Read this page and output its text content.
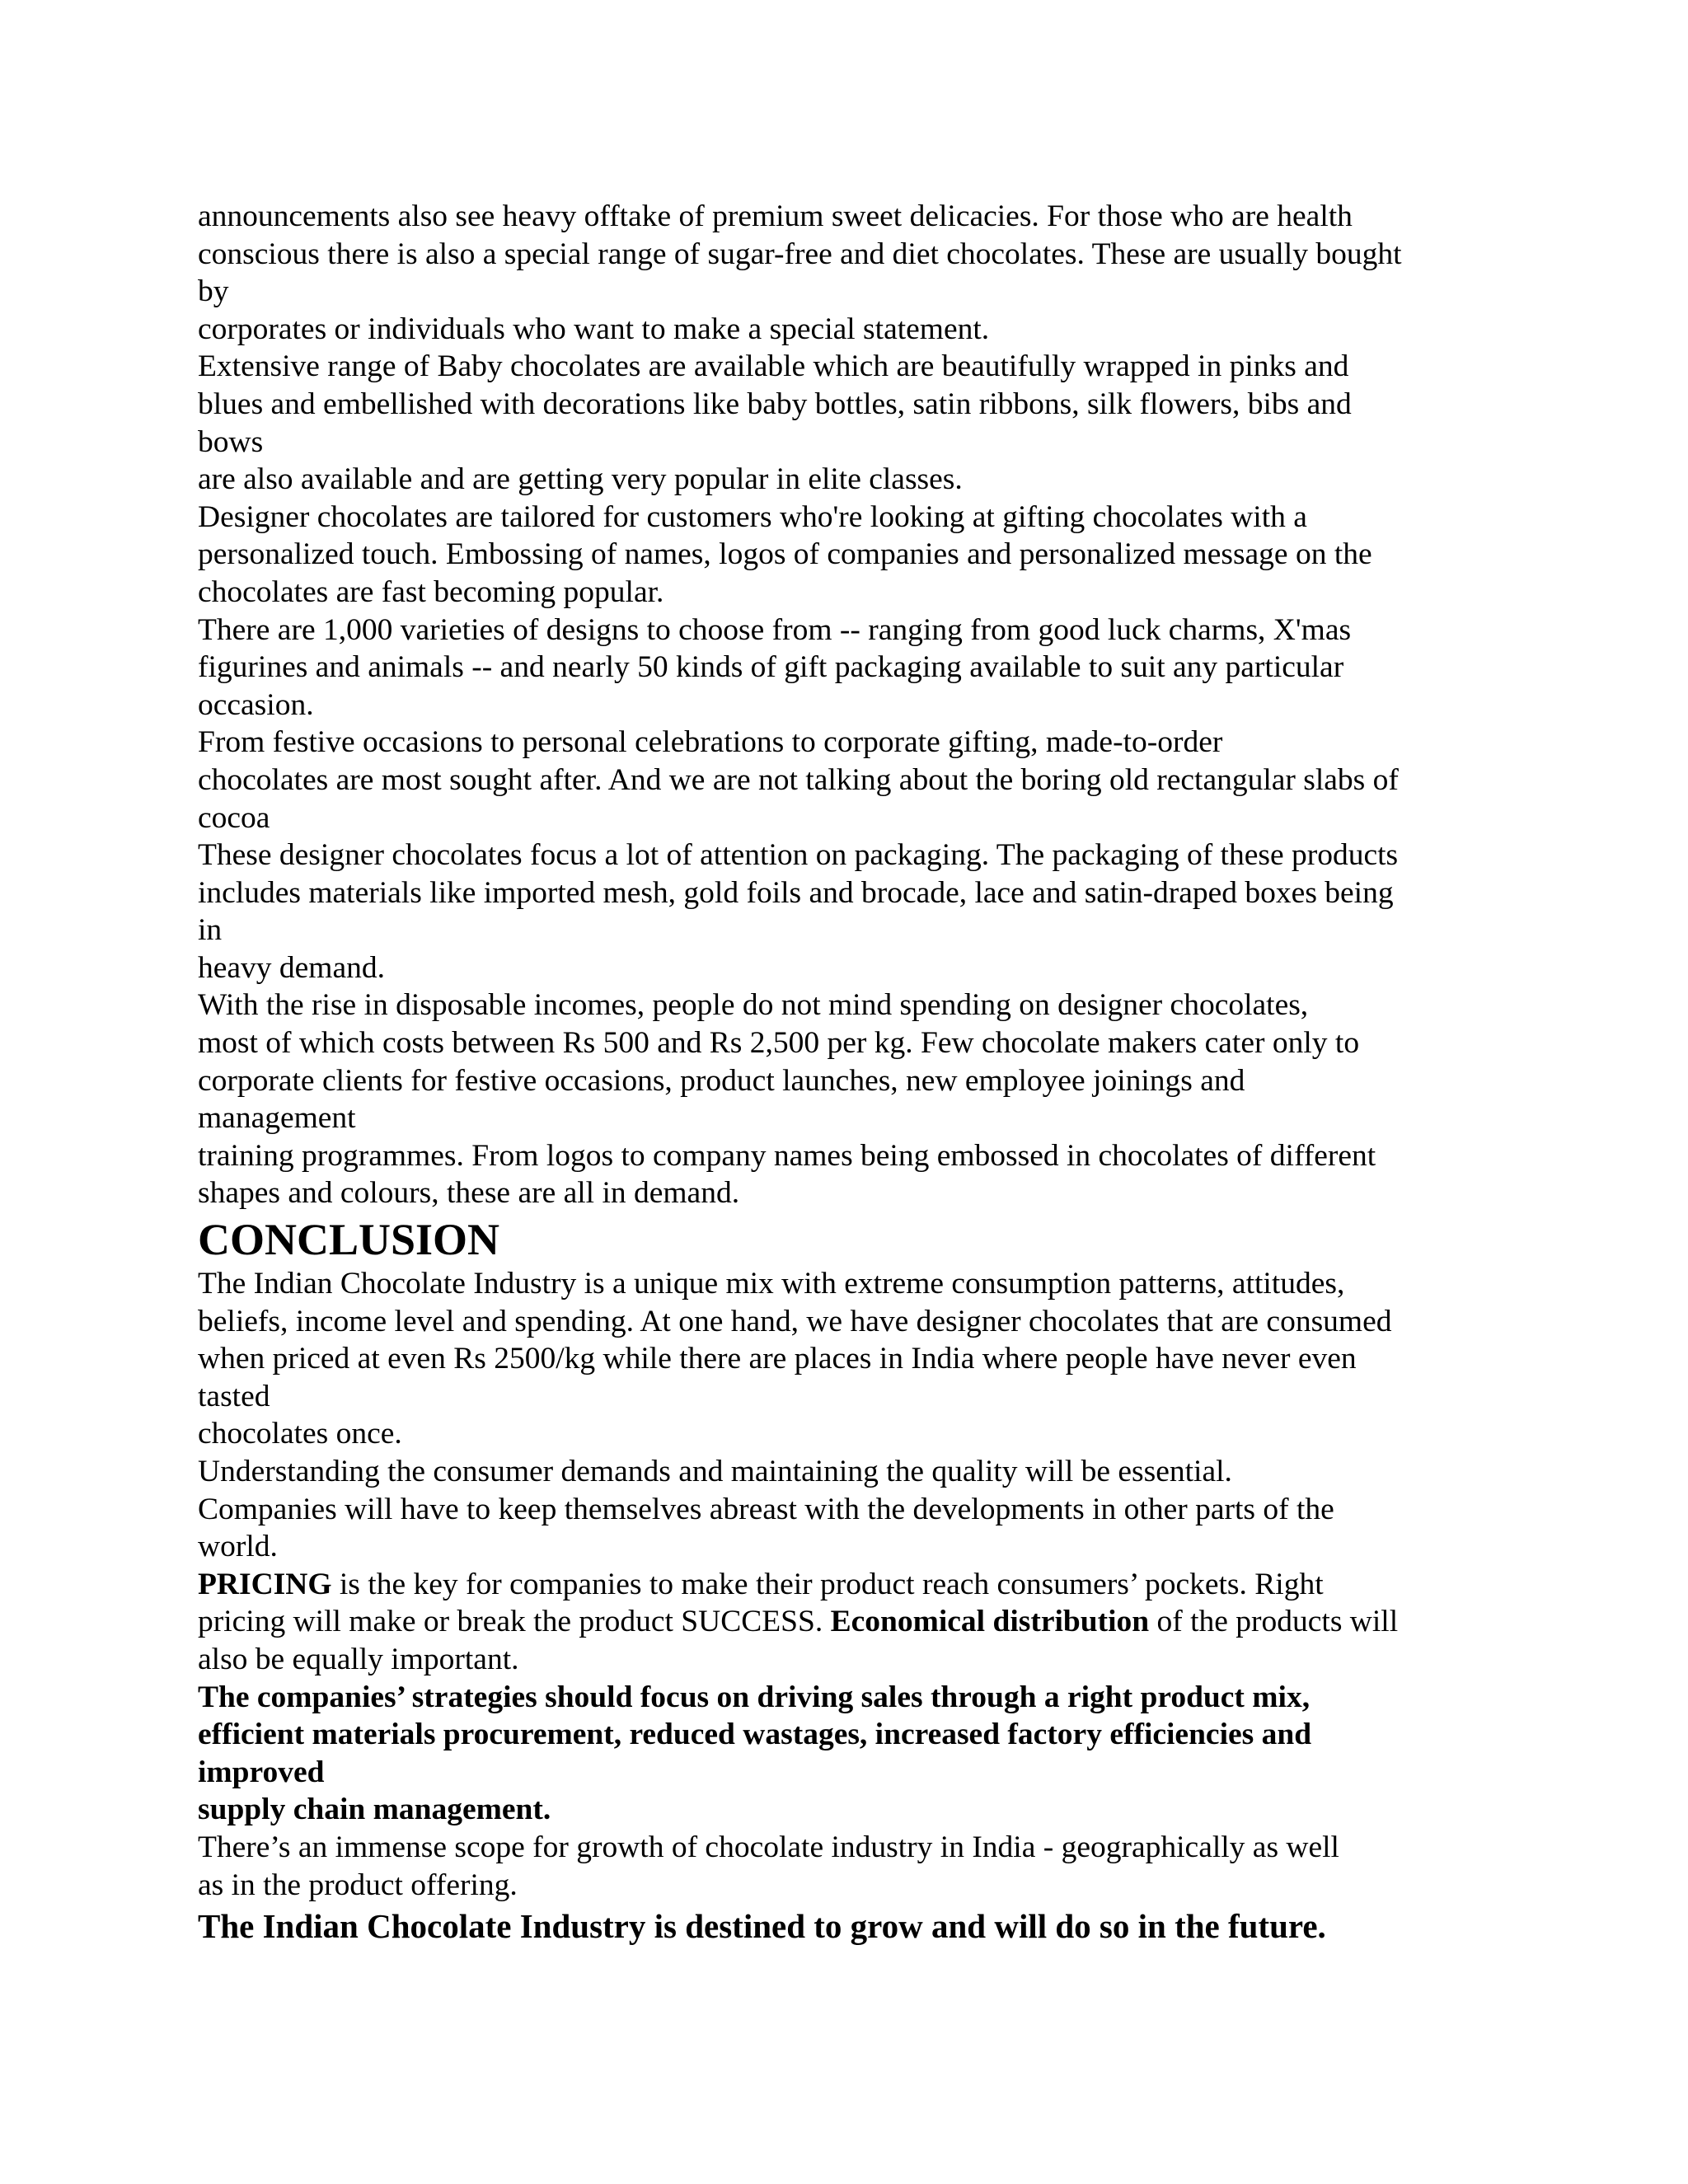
announcements also see heavy offtake of premium sweet delicacies. For those who are health
conscious there is also a special range of sugar-free and diet chocolates. These are usually bought
by
corporates or individuals who want to make a special statement.
Extensive range of Baby chocolates are available which are beautifully wrapped in pinks and
blues and embellished with decorations like baby bottles, satin ribbons, silk flowers, bibs and
bows
are also available and are getting very popular in elite classes.
Designer chocolates are tailored for customers who're looking at gifting chocolates with a
personalized touch. Embossing of names, logos of companies and personalized message on the
chocolates are fast becoming popular.
There are 1,000 varieties of designs to choose from -- ranging from good luck charms, X'mas
figurines and animals -- and nearly 50 kinds of gift packaging available to suit any particular
occasion.
From festive occasions to personal celebrations to corporate gifting, made-to-order
chocolates are most sought after. And we are not talking about the boring old rectangular slabs of
cocoa
These designer chocolates focus a lot of attention on packaging. The packaging of these products
includes materials like imported mesh, gold foils and brocade, lace and satin-draped boxes being
in
heavy demand.
With the rise in disposable incomes, people do not mind spending on designer chocolates,
most of which costs between Rs 500 and Rs 2,500 per kg. Few chocolate makers cater only to
corporate clients for festive occasions, product launches, new employee joinings and
management
training programmes. From logos to company names being embossed in chocolates of different
shapes and colours, these are all in demand.
CONCLUSION
The Indian Chocolate Industry is a unique mix with extreme consumption patterns, attitudes,
beliefs, income level and spending. At one hand, we have designer chocolates that are consumed
when priced at even Rs 2500/kg while there are places in India where people have never even
tasted
chocolates once.
Understanding the consumer demands and maintaining the quality will be essential.
Companies will have to keep themselves abreast with the developments in other parts of the
world.
PRICING is the key for companies to make their product reach consumers’ pockets. Right
pricing will make or break the product SUCCESS. Economical distribution of the products will
also be equally important.
The companies’ strategies should focus on driving sales through a right product mix,
efficient materials procurement, reduced wastages, increased factory efficiencies and
improved
supply chain management.
There’s an immense scope for growth of chocolate industry in India - geographically as well
as in the product offering.
The Indian Chocolate Industry is destined to grow and will do so in the future.
